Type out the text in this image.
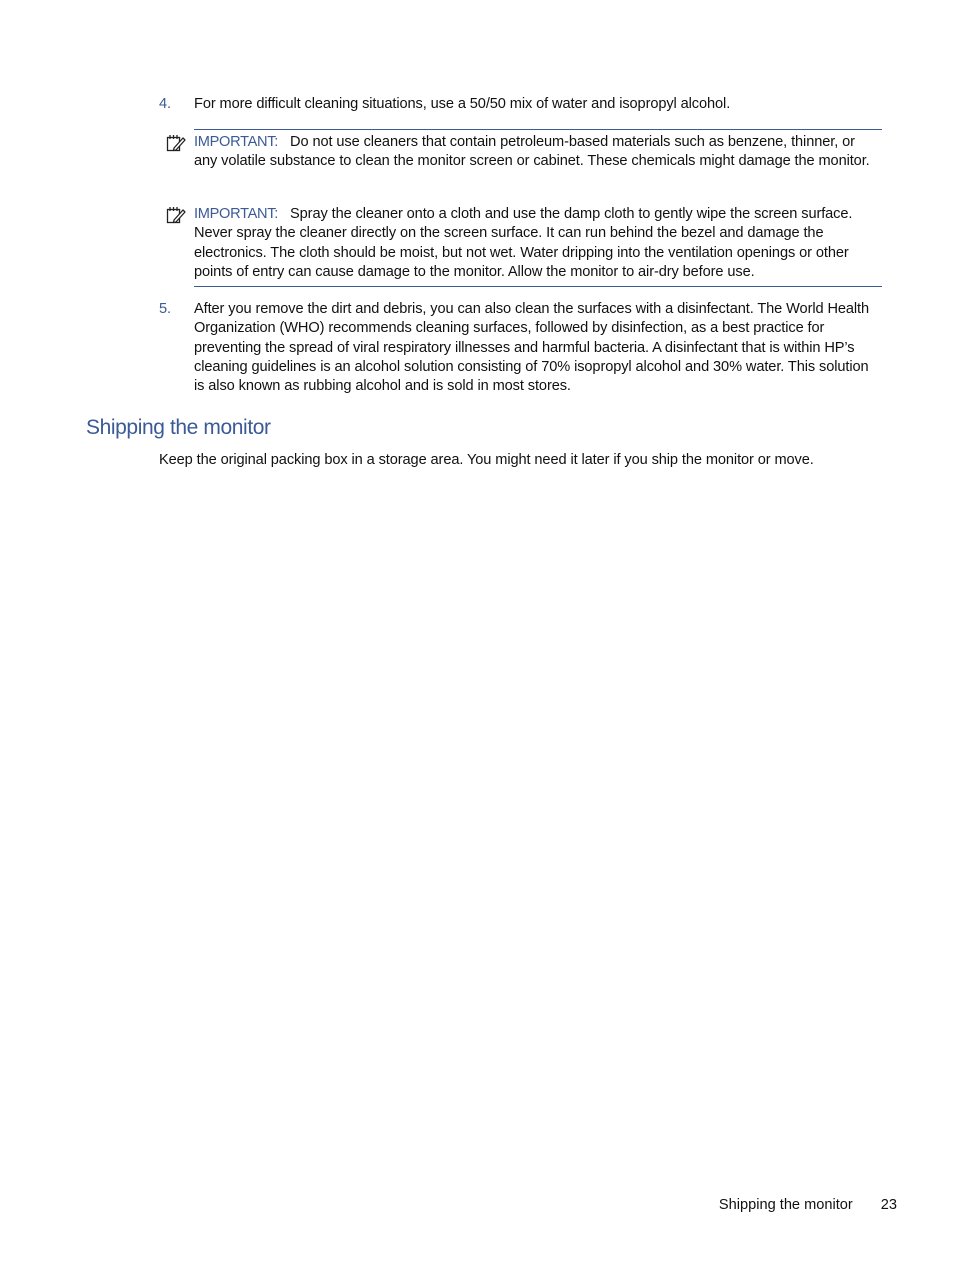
4. For more difficult cleaning situations, use a 50/50 mix of water and isopropyl alcohol.
IMPORTANT: Do not use cleaners that contain petroleum-based materials such as benzene, thinner, or any volatile substance to clean the monitor screen or cabinet. These chemicals might damage the monitor.
IMPORTANT: Spray the cleaner onto a cloth and use the damp cloth to gently wipe the screen surface. Never spray the cleaner directly on the screen surface. It can run behind the bezel and damage the electronics. The cloth should be moist, but not wet. Water dripping into the ventilation openings or other points of entry can cause damage to the monitor. Allow the monitor to air-dry before use.
5. After you remove the dirt and debris, you can also clean the surfaces with a disinfectant. The World Health Organization (WHO) recommends cleaning surfaces, followed by disinfection, as a best practice for preventing the spread of viral respiratory illnesses and harmful bacteria. A disinfectant that is within HP’s cleaning guidelines is an alcohol solution consisting of 70% isopropyl alcohol and 30% water. This solution is also known as rubbing alcohol and is sold in most stores.
Shipping the monitor

Keep the original packing box in a storage area. You might need it later if you ship the monitor or move.

Shipping the monitor 23
